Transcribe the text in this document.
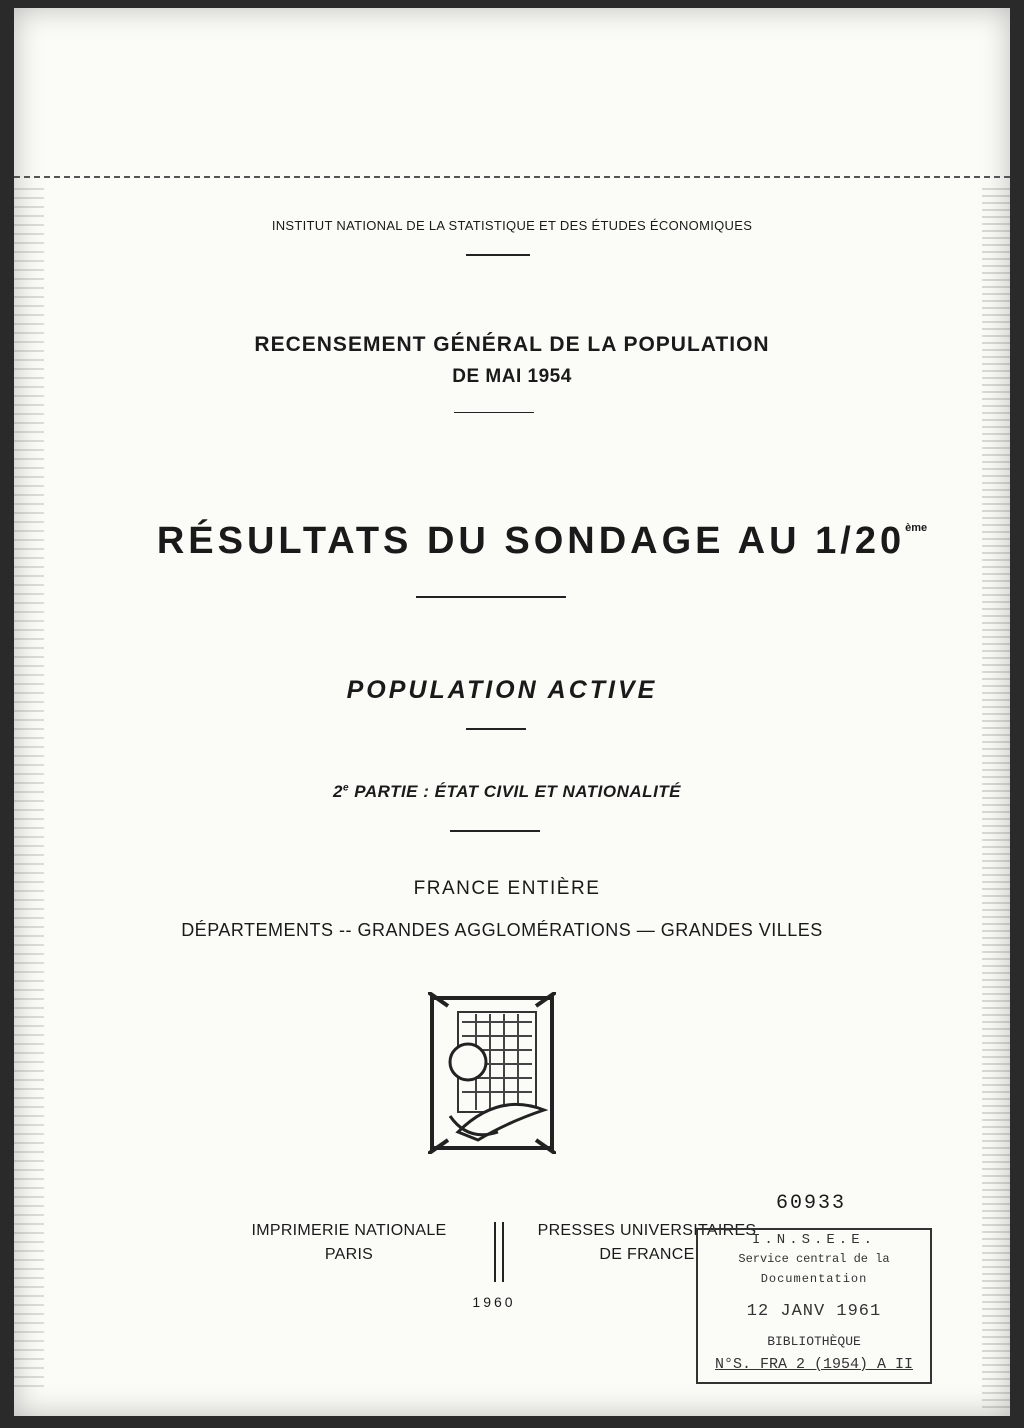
INSTITUT NATIONAL DE LA STATISTIQUE ET DES ÉTUDES ÉCONOMIQUES
RECENSEMENT GÉNÉRAL DE LA POPULATION
DE MAI 1954
RÉSULTATS DU SONDAGE AU 1/20ème
POPULATION ACTIVE
2e PARTIE : ÉTAT CIVIL ET NATIONALITÉ
FRANCE ENTIÈRE
DÉPARTEMENTS -- GRANDES AGGLOMÉRATIONS — GRANDES VILLES
IMPRIMERIE NATIONALE
PARIS
PRESSES UNIVERSITAIRES
DE FRANCE
1960
60933
I.N.S.E.E.
Service central de la
Documentation
12 JANV 1961
BIBLIOTHÈQUE
N°S. FRA 2 (1954) A II
